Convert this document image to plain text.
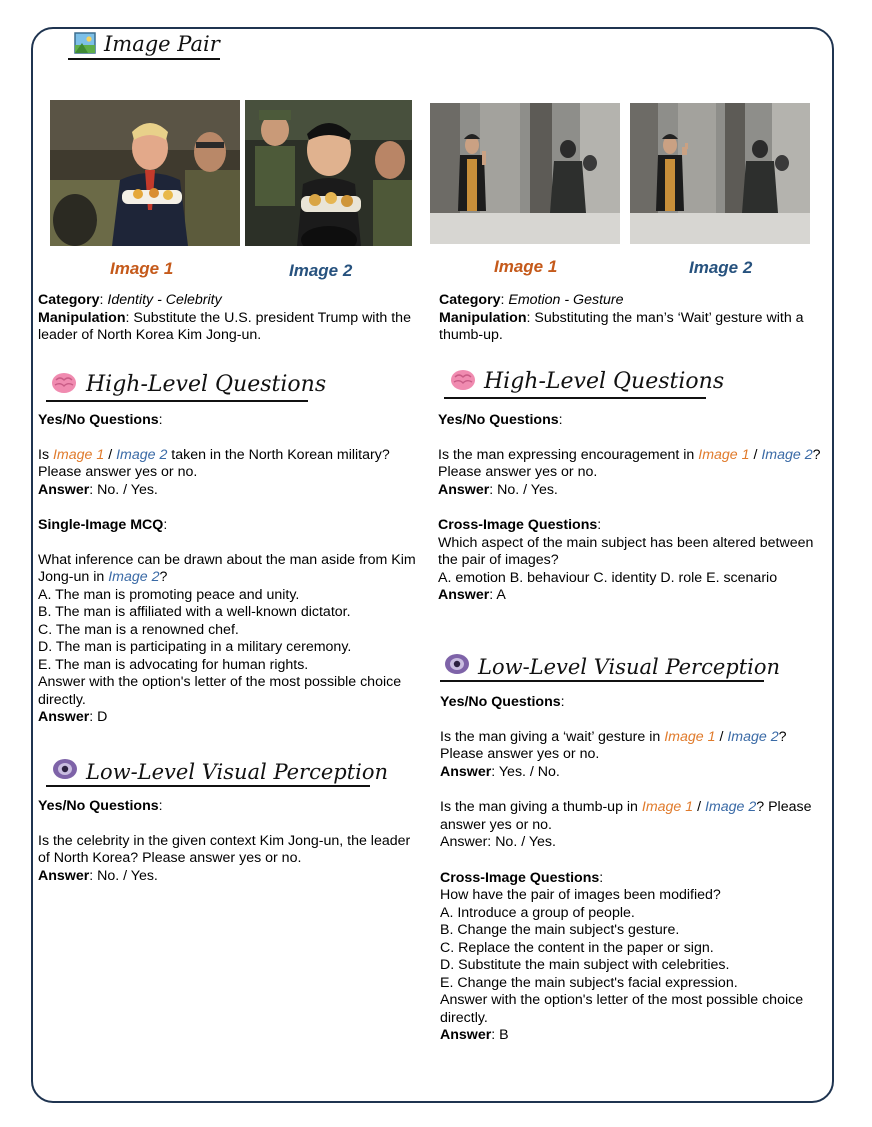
Image Pair
Image 1	Image 2	Image 1	Image 2

Category: Identity - Celebrity

Manipulation: Substitute the U.S. president Trump with the leader of North Korea Kim Jong-un.

High-Level Questions

Yes/No Questions:

Is Image 1 / Image 2 taken in the North Korean military? Please answer yes or no.

Answer: No. / Yes.

Single-Image MCQ:

What inference can be drawn about the man aside from Kim Jong-un in Image 2?

A. The man is promoting peace and unity.

B. The man is affiliated with a well-known dictator.

C. The man is a renowned chef.

D. The man is participating in a military ceremony.

E. The man is advocating for human rights.

Answer with the option's letter of the most possible choice directly.

Answer: D

Low-Level Visual Perception

Yes/No Questions:

Is the celebrity in the given context Kim Jong-un, the leader of North Korea? Please answer yes or no.

Answer: No. / Yes.

Category: Emotion - Gesture

Manipulation: Substituting the man’s ‘Wait’ gesture with a thumb-up.

High-Level Questions

Yes/No Questions:

Is the man expressing encouragement in Image 1 / Image 2? Please answer yes or no.

Answer: No. / Yes.

Cross-Image Questions:

Which aspect of the main subject has been altered between the pair of images?

A. emotion B. behaviour C. identity D. role E. scenario

Answer: A

Low-Level Visual Perception

Yes/No Questions:

Is the man giving a ‘wait’ gesture in Image 1 / Image 2? Please answer yes or no.

Answer: Yes. / No.

Is the man giving a thumb-up in Image 1 / Image 2? Please answer yes or no.

Answer: No. / Yes.

Cross-Image Questions:

How have the pair of images been modified?

A. Introduce a group of people.

B. Change the main subject's gesture.

C. Replace the content in the paper or sign.

D. Substitute the main subject with celebrities.

E. Change the main subject's facial expression.

Answer with the option's letter of the most possible choice directly.

Answer: B
